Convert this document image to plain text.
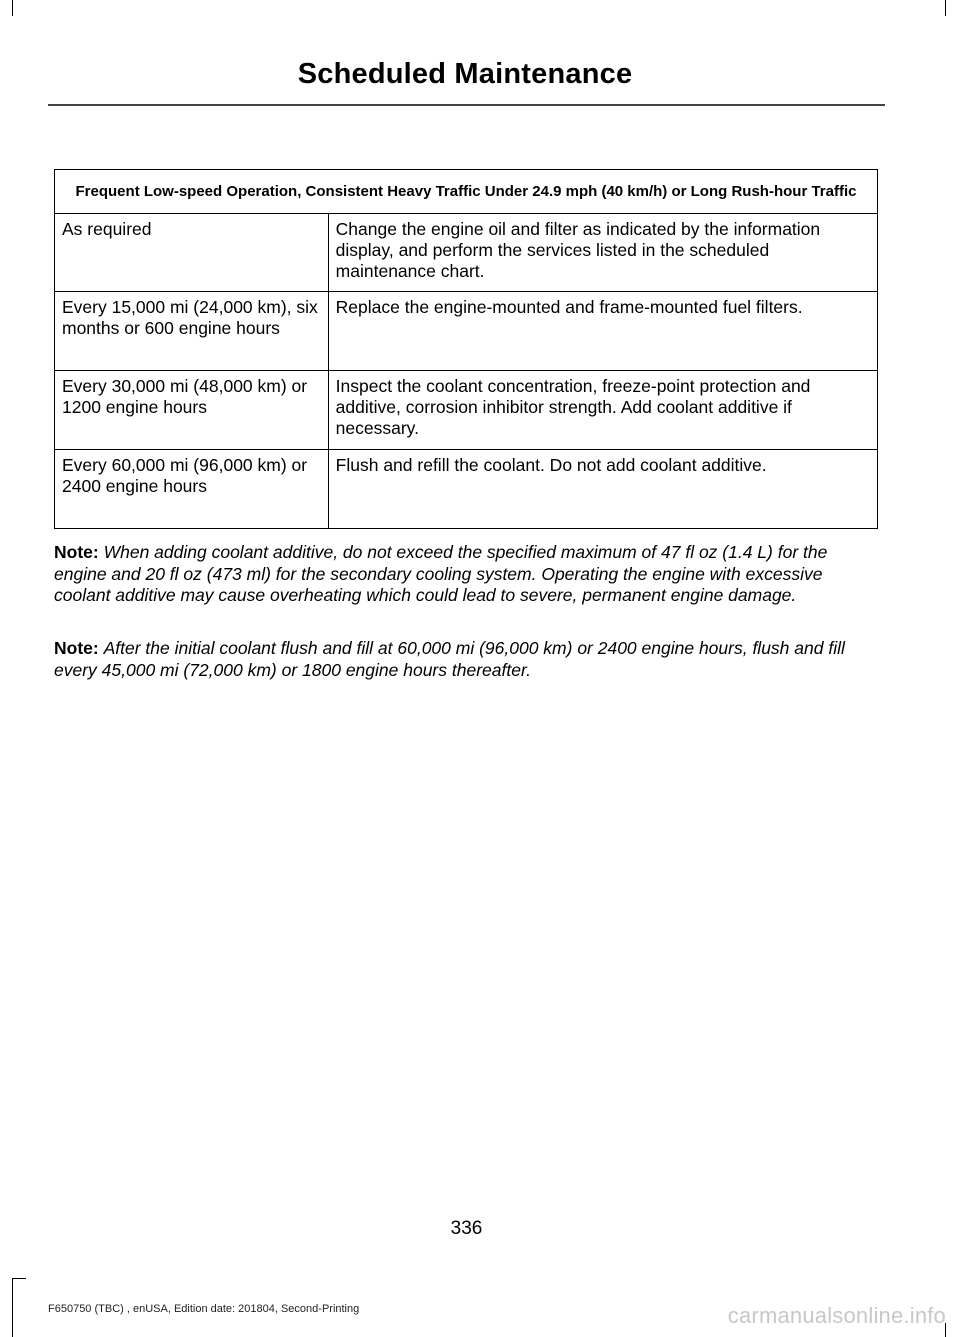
Scheduled Maintenance
Frequent Low-speed Operation, Consistent Heavy Traffic Under 24.9 mph (40 km/h) or Long Rush-hour Traffic	
As required	Change the engine oil and filter as indicated by the information display, and perform the services listed in the scheduled maintenance chart.
Every 15,000 mi (24,000 km), six months or 600 engine hours	Replace the engine-mounted and frame-mounted fuel filters.
Every 30,000 mi (48,000 km) or 1200 engine hours	Inspect the coolant concentration, freeze-point protection and additive, corrosion inhibitor strength. Add coolant additive if necessary.
Every 60,000 mi (96,000 km) or 2400 engine hours	Flush and refill the coolant. Do not add coolant additive.

Note: When adding coolant additive, do not exceed the specified maximum of 47 fl oz (1.4 L) for the engine and 20 fl oz (473 ml) for the secondary cooling system. Operating the engine with excessive coolant additive may cause overheating which could lead to severe, permanent engine damage.

Note: After the initial coolant flush and fill at 60,000 mi (96,000 km) or 2400 engine hours, flush and fill every 45,000 mi (72,000 km) or 1800 engine hours thereafter.

336
F650750 (TBC) , enUSA, Edition date: 201804, Second-Printing	carmanualsonline.info
